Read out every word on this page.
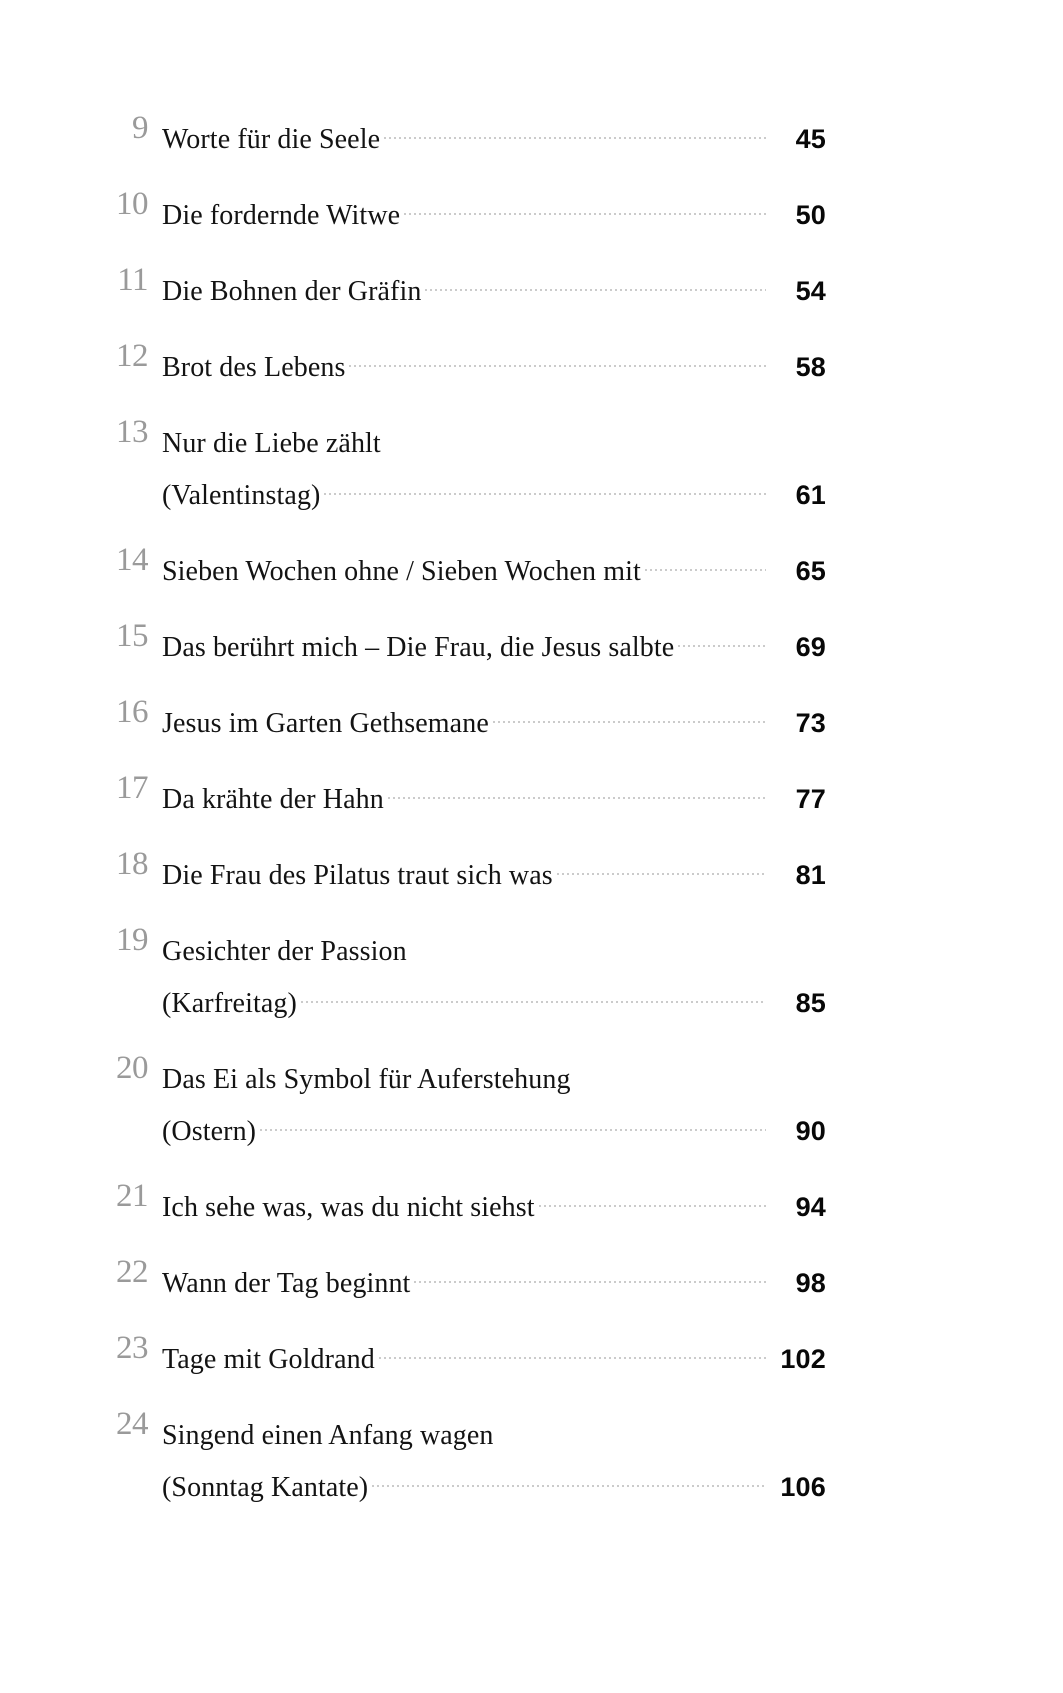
9 Worte für die Seele	45
10 Die fordernde Witwe	50
11 Die Bohnen der Gräfin	54
12 Brot des Lebens	58
13 Nur die Liebe zählt

(Valentinstag)	61
14 Sieben Wochen ohne / Sieben Wochen mit	65
15 Das berührt mich – Die Frau, die Jesus salbte	69
16 Jesus im Garten Gethsemane	73
17 Da krähte der Hahn	77
18 Die Frau des Pilatus traut sich was	81
19 Gesichter der Passion

(Karfreitag)	85
20 Das Ei als Symbol für Auferstehung

(Ostern)	90
21 Ich sehe was, was du nicht siehst	94
22 Wann der Tag beginnt	98
23 Tage mit Goldrand	102
24 Singend einen Anfang wagen

(Sonntag Kantate)	106
